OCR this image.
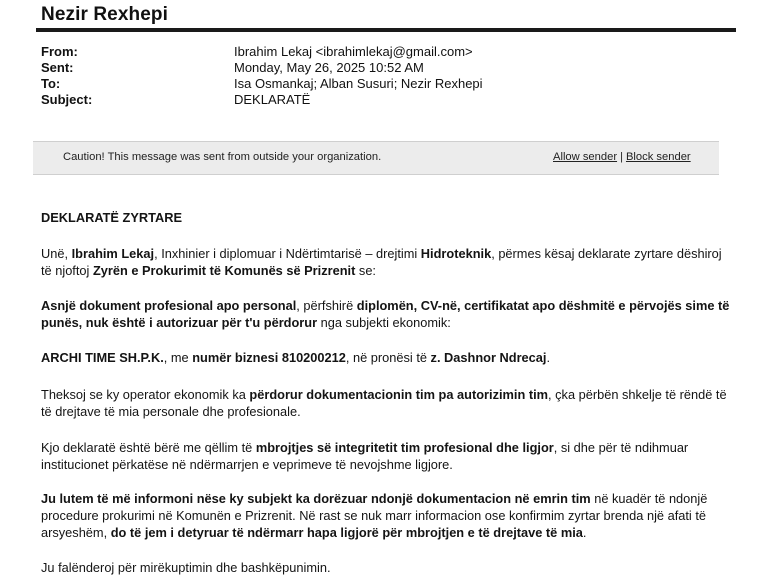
Nezir Rexhepi
From:	Ibrahim Lekaj <ibrahimlekaj@gmail.com>
Sent:	Monday, May 26, 2025 10:52 AM
To:	Isa Osmankaj; Alban Susuri; Nezir Rexhepi
Subject:	DEKLARATË
Caution! This message was sent from outside your organization.	Allow sender | Block sender
DEKLARATË ZYRTARE
Unë, Ibrahim Lekaj, Inxhinier i diplomuar i Ndërtimtarisë – drejtimi Hidroteknik, përmes kësaj deklarate zyrtare dëshiroj të njoftoj Zyrën e Prokurimit të Komunës së Prizrenit se:
Asnjë dokument profesional apo personal, përfshirë diplomën, CV-në, certifikatat apo dëshmitë e përvojës sime të punës, nuk është i autorizuar për t'u përdorur nga subjekti ekonomik:
ARCHI TIME SH.P.K., me numër biznesi 810200212, në pronësi të z. Dashnor Ndrecaj.
Theksoj se ky operator ekonomik ka përdorur dokumentacionin tim pa autorizimin tim, çka përbën shkelje të rëndë të të drejtave të mia personale dhe profesionale.
Kjo deklaratë është bërë me qëllim të mbrojtjes së integritetit tim profesional dhe ligjor, si dhe për të ndihmuar institucionet përkatëse në ndërmarrjen e veprimeve të nevojshme ligjore.
Ju lutem të më informoni nëse ky subjekt ka dorëzuar ndonjë dokumentacion në emrin tim në kuadër të ndonjë procedure prokurimi në Komunën e Prizrenit. Në rast se nuk marr informacion ose konfirmim zyrtar brenda një afati të arsyeshëm, do të jem i detyruar të ndërmarr hapa ligjorë për mbrojtjen e të drejtave të mia.
Ju falënderoj për mirëkuptimin dhe bashkëpunimin.
